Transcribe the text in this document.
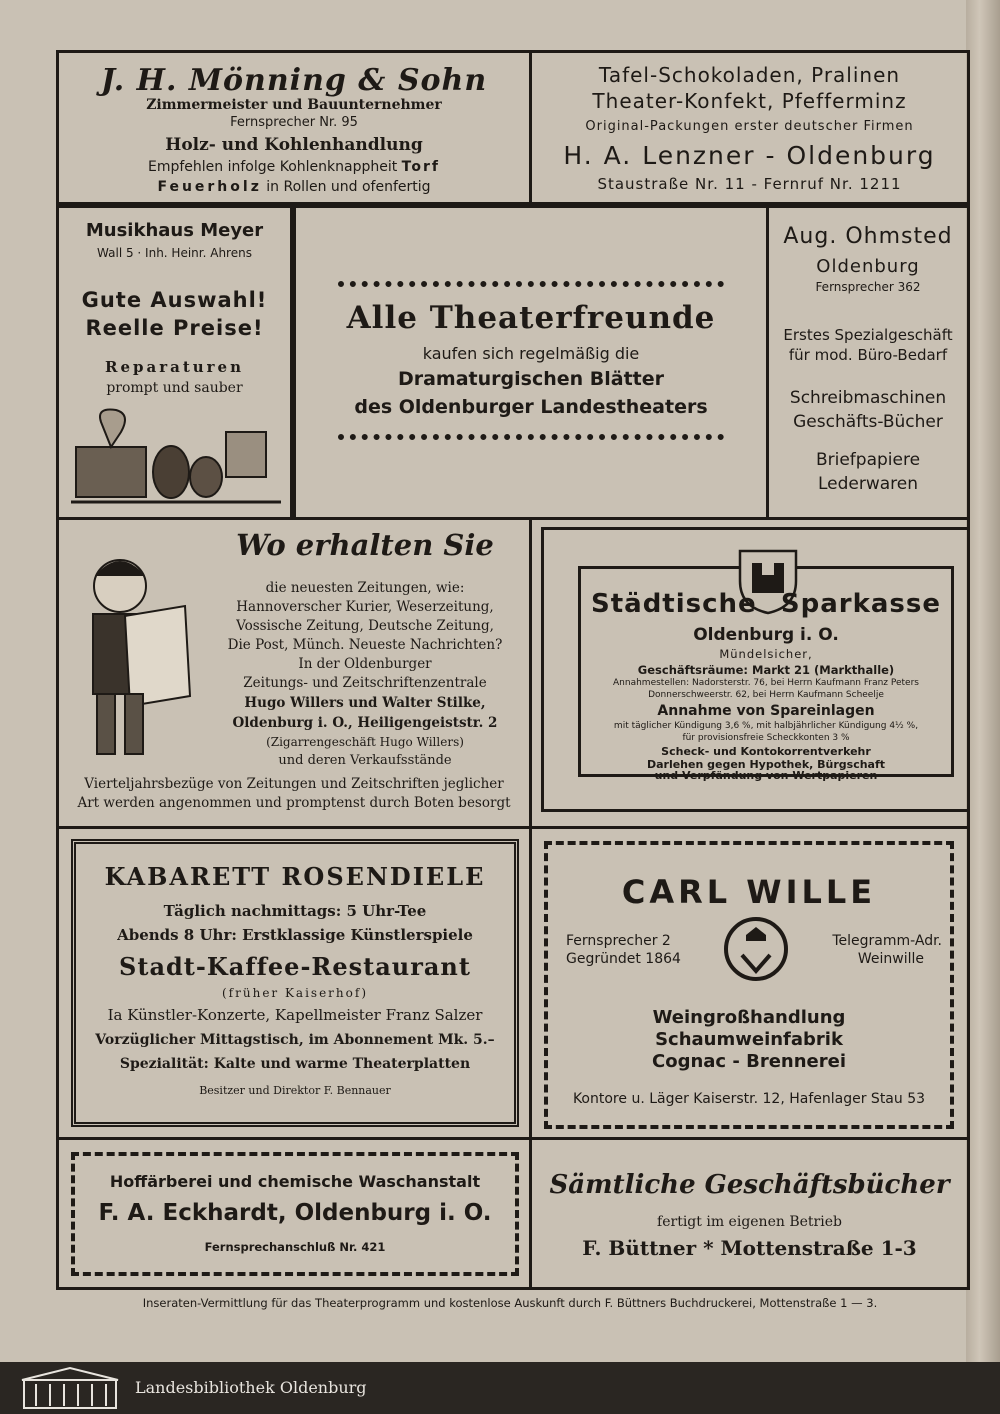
J. H. Mönning & Sohn
Zimmermeister und Bauunternehmer
Fernsprecher Nr. 95
Holz- und Kohlenhandlung
Empfehlen infolge Kohlenknappheit Torf
Feuerholz in Rollen und ofenfertig
Tafel-Schokoladen, Pralinen
Theater-Konfekt, Pfefferminz
Original-Packungen erster deutscher Firmen
H. A. Lenzner - Oldenburg
Staustraße Nr. 11 - Fernruf Nr. 1211
Musikhaus Meyer
Wall 5 · Inh. Heinr. Ahrens
Gute Auswahl!
Reelle Preise!
Reparaturen
prompt und sauber
Alle Theaterfreunde
kaufen sich regelmäßig die
Dramaturgischen Blätter
des Oldenburger Landestheaters
Aug. Ohmsted
Oldenburg
Fernsprecher 362
Erstes Spezialgeschäft
für mod. Büro-Bedarf
Schreibmaschinen
Geschäfts-Bücher
Briefpapiere
Lederwaren
Wo erhalten Sie
die neuesten Zeitungen, wie:
Hannoverscher Kurier, Weserzeitung,
Vossische Zeitung, Deutsche Zeitung,
Die Post, Münch. Neueste Nachrichten?
In der Oldenburger
Zeitungs- und Zeitschriftenzentrale
Hugo Willers und Walter Stilke,
Oldenburg i. O., Heiligengeiststr. 2
(Zigarrengeschäft Hugo Willers)
und deren Verkaufsstände
Vierteljahrsbezüge von Zeitungen und Zeitschriften jeglicher
Art werden angenommen und promptenst durch Boten besorgt
Städtische Sparkasse
Oldenburg i. O.
Mündelsicher,
Geschäftsräume: Markt 21 (Markthalle)
Annahmestellen: Nadorsterstr. 76, bei Herrn Kaufmann Franz Peters
Donnerschweerstr. 62, bei Herrn Kaufmann Scheelje
Annahme von Spareinlagen
mit täglicher Kündigung 3,6 %, mit halbjährlicher Kündigung 4½ %,
für provisionsfreie Scheckkonten 3 %
Scheck- und Kontokorrentverkehr
Darlehen gegen Hypothek, Bürgschaft
und Verpfändung von Wertpapieren
KABARETT ROSENDIELE
Täglich nachmittags: 5 Uhr-Tee
Abends 8 Uhr: Erstklassige Künstlerspiele
Stadt-Kaffee-Restaurant
(früher Kaiserhof)
Ia Künstler-Konzerte, Kapellmeister Franz Salzer
Vorzüglicher Mittagstisch, im Abonnement Mk. 5.–
Spezialität: Kalte und warme Theaterplatten
Besitzer und Direktor F. Bennauer
CARL WILLE
Fernsprecher 2
Gegründet 1864
Telegramm-Adr.
Weinwille
Weingroßhandlung
Schaumweinfabrik
Cognac - Brennerei
Kontore u. Läger Kaiserstr. 12, Hafenlager Stau 53
Hoffärberei und chemische Waschanstalt
F. A. Eckhardt, Oldenburg i. O.
Fernsprechanschluß Nr. 421
Sämtliche Geschäftsbücher
fertigt im eigenen Betrieb
F. Büttner * Mottenstraße 1-3
Inseraten-Vermittlung für das Theaterprogramm und kostenlose Auskunft durch F. Büttners Buchdruckerei, Mottenstraße 1 — 3.
Landesbibliothek Oldenburg
